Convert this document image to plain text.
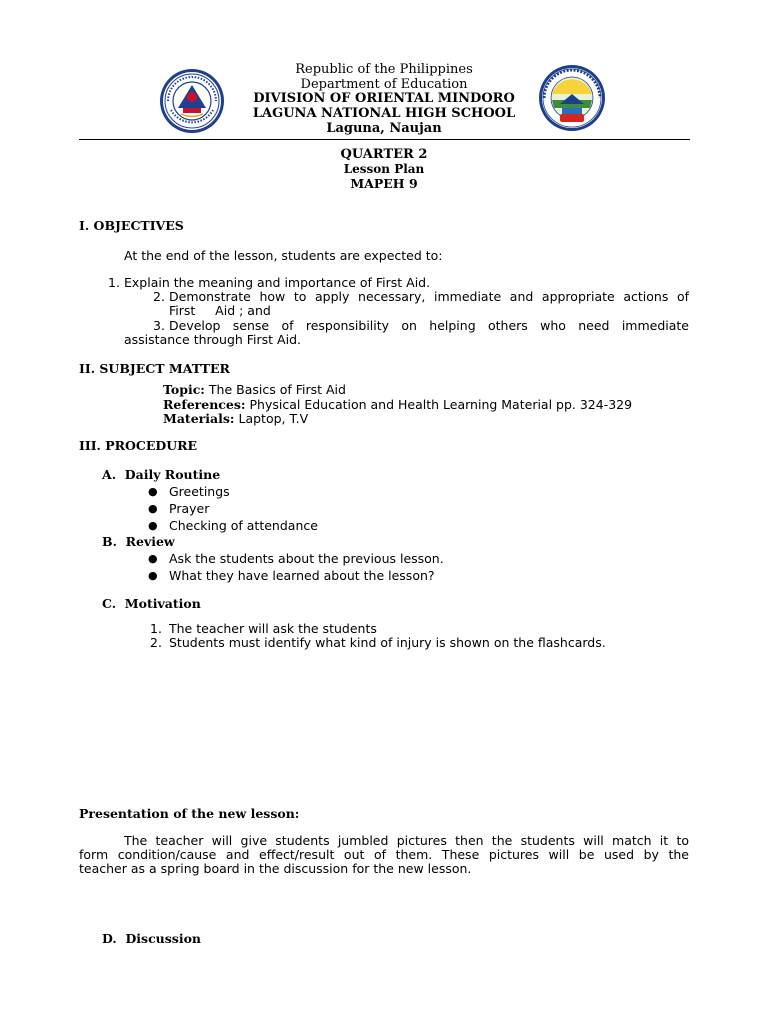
Republic of the Philippines
Department of Education
DIVISION OF ORIENTAL MINDORO
LAGUNA NATIONAL HIGH SCHOOL
Laguna, Naujan
QUARTER 2
Lesson Plan
MAPEH 9
I. OBJECTIVES
At the end of the lesson, students are expected to:
1. Explain the meaning and importance of First Aid.
2. Demonstrate how to apply necessary, immediate and appropriate actions of
First     Aid ; and
3. Develop sense of responsibility on helping others who need immediate
assistance through First Aid.
II. SUBJECT MATTER
Topic: The Basics of First Aid
References: Physical Education and Health Learning Material pp. 324-329
Materials: Laptop, T.V
III. PROCEDURE
A.  Daily Routine
● Greetings
● Prayer
● Checking of attendance
B.  Review
● Ask the students about the previous lesson.
● What they have learned about the lesson?
C.  Motivation
1. The teacher will ask the students
2. Students must identify what kind of injury is shown on the flashcards.
Presentation of the new lesson:
The teacher will give students jumbled pictures then the students will match it to
form condition/cause and effect/result out of them. These pictures will be used by the
teacher as a spring board in the discussion for the new lesson.
D.  Discussion
